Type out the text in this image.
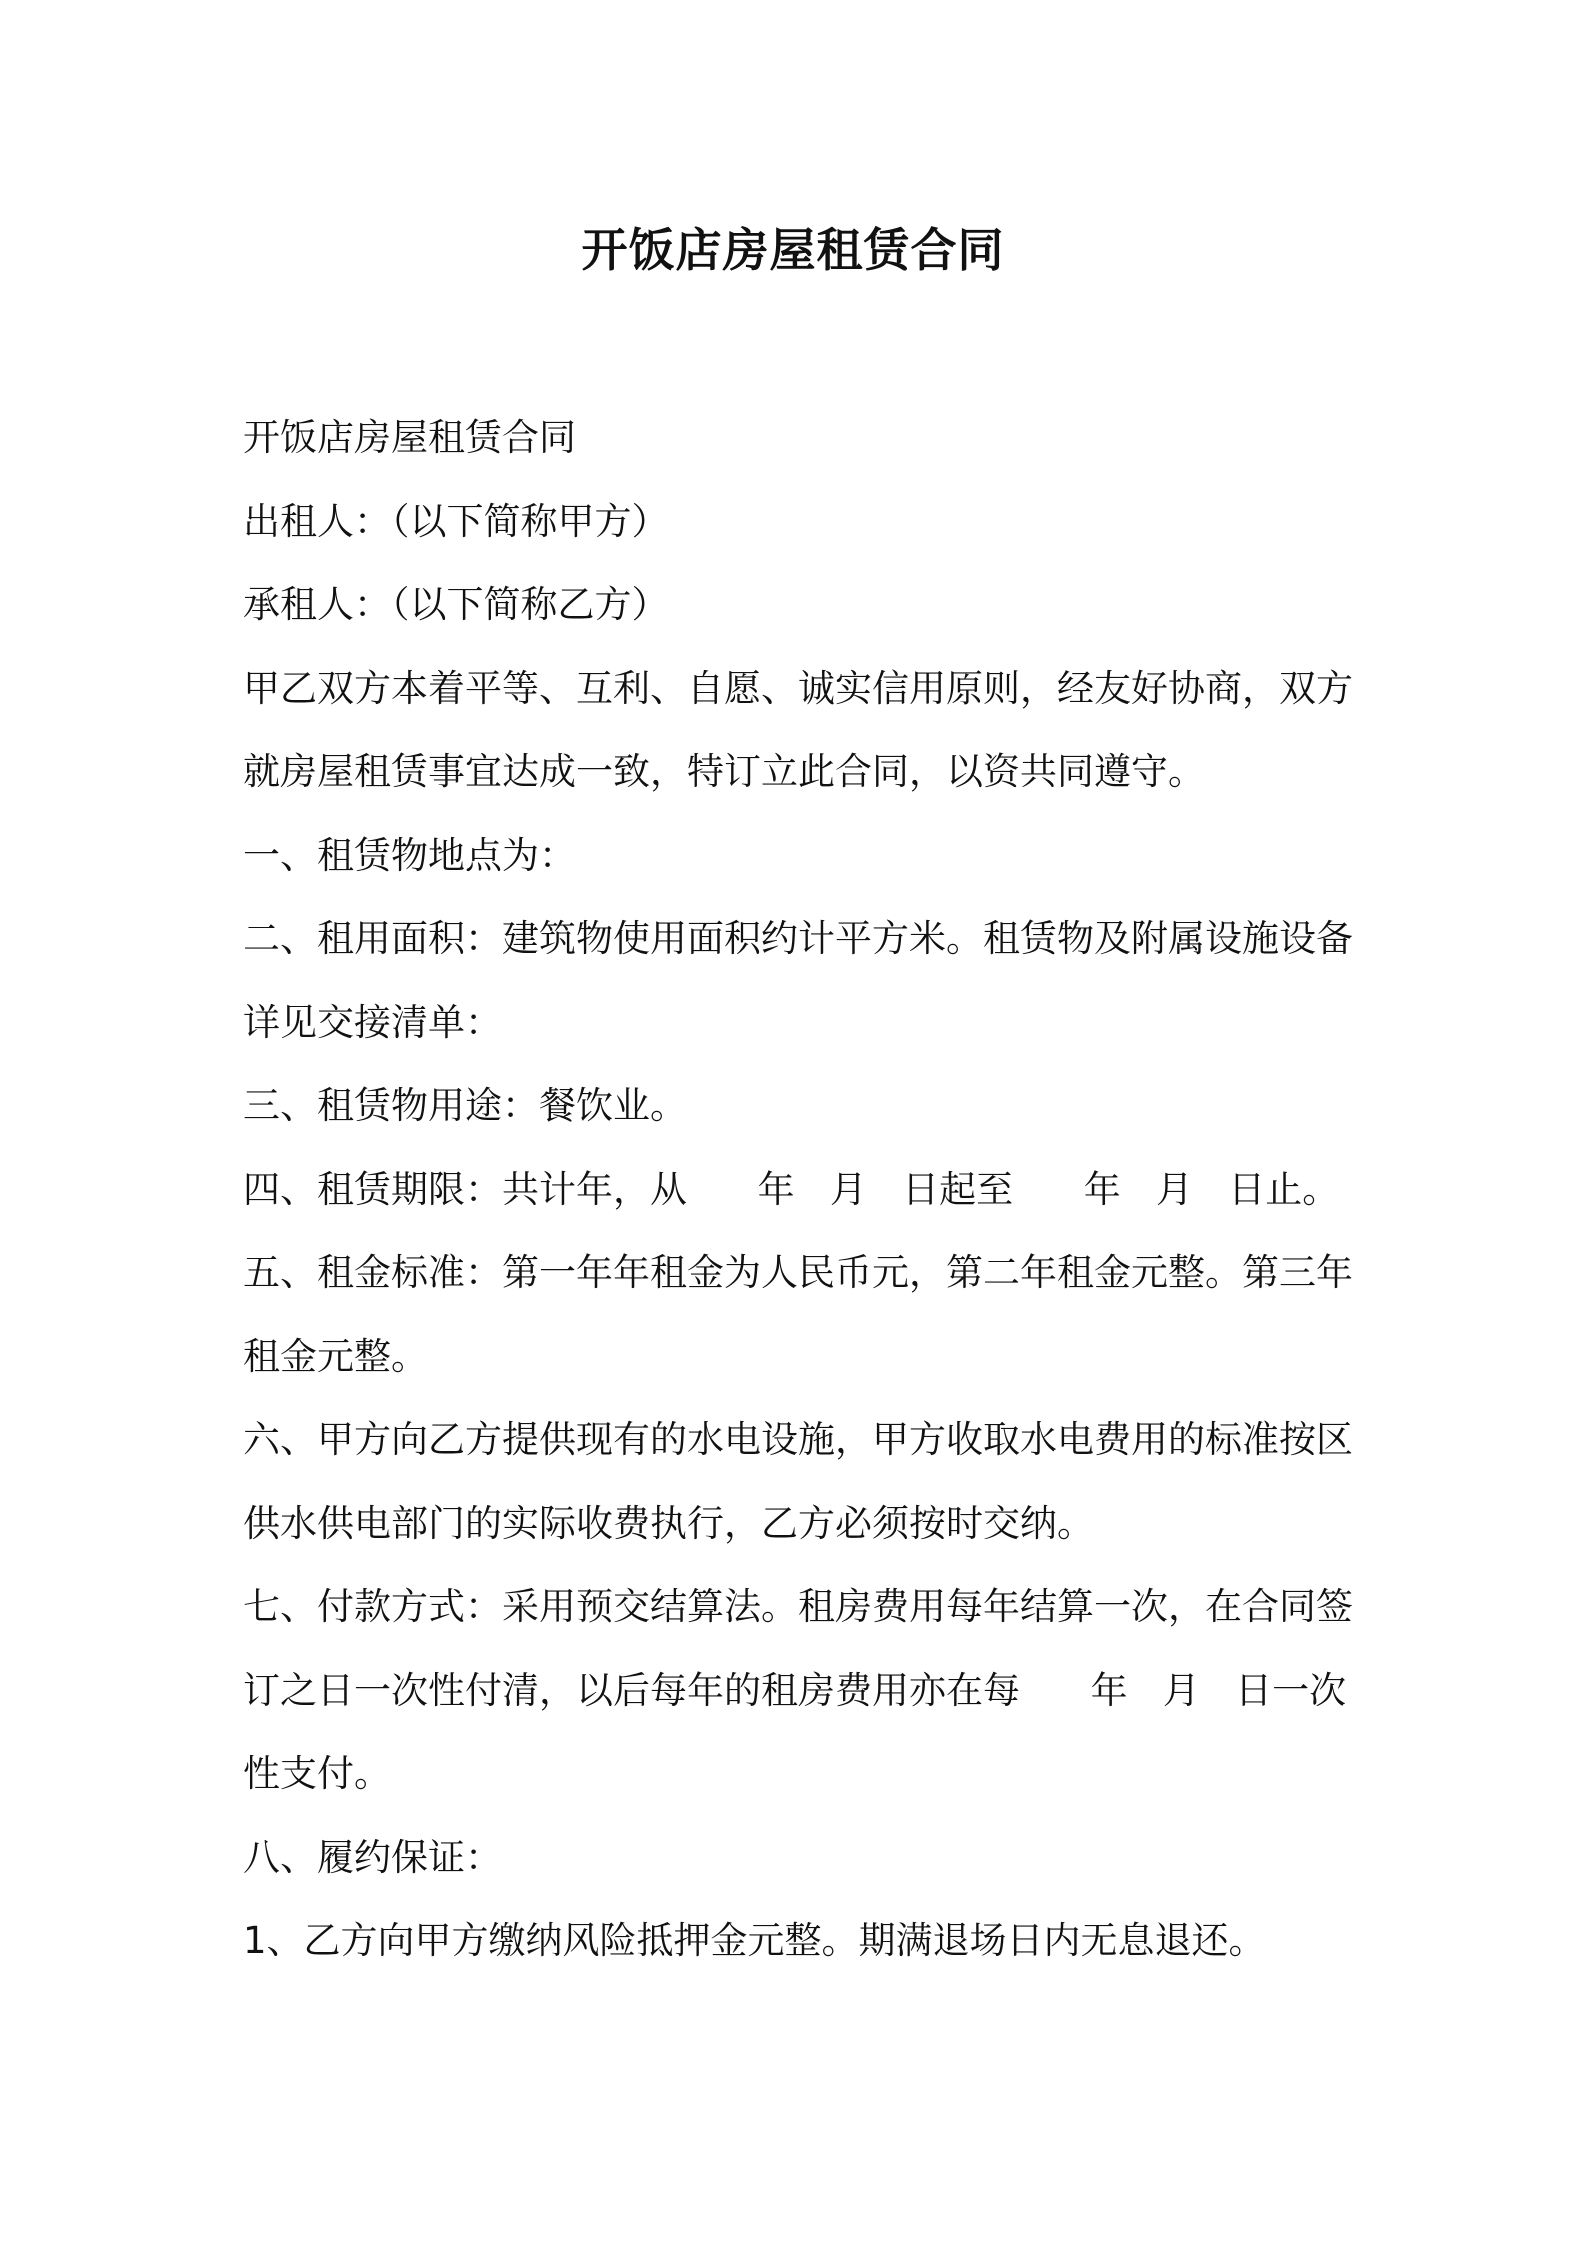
开饭店房屋租赁合同

开饭店房屋租赁合同

出租人：（以下简称甲方）

承租人：（以下简称乙方）

甲乙双方本着平等、互利、自愿、诚实信用原则，经友好协商，双方

就房屋租赁事宜达成一致，特订立此合同，以资共同遵守。

一、租赁物地点为：

二、租用面积：建筑物使用面积约计平方米。租赁物及附属设施设备

详见交接清单：

三、租赁物用途：餐饮业。

四、租赁期限：共计年，从      年   月   日起至      年   月   日止。

五、租金标准：第一年年租金为人民币元，第二年租金元整。第三年

租金元整。

六、甲方向乙方提供现有的水电设施，甲方收取水电费用的标准按区

供水供电部门的实际收费执行，乙方必须按时交纳。

七、付款方式：采用预交结算法。租房费用每年结算一次，在合同签

订之日一次性付清，以后每年的租房费用亦在每      年   月   日一次

性支付。

八、履约保证：

1、乙方向甲方缴纳风险抵押金元整。期满退场日内无息退还。
